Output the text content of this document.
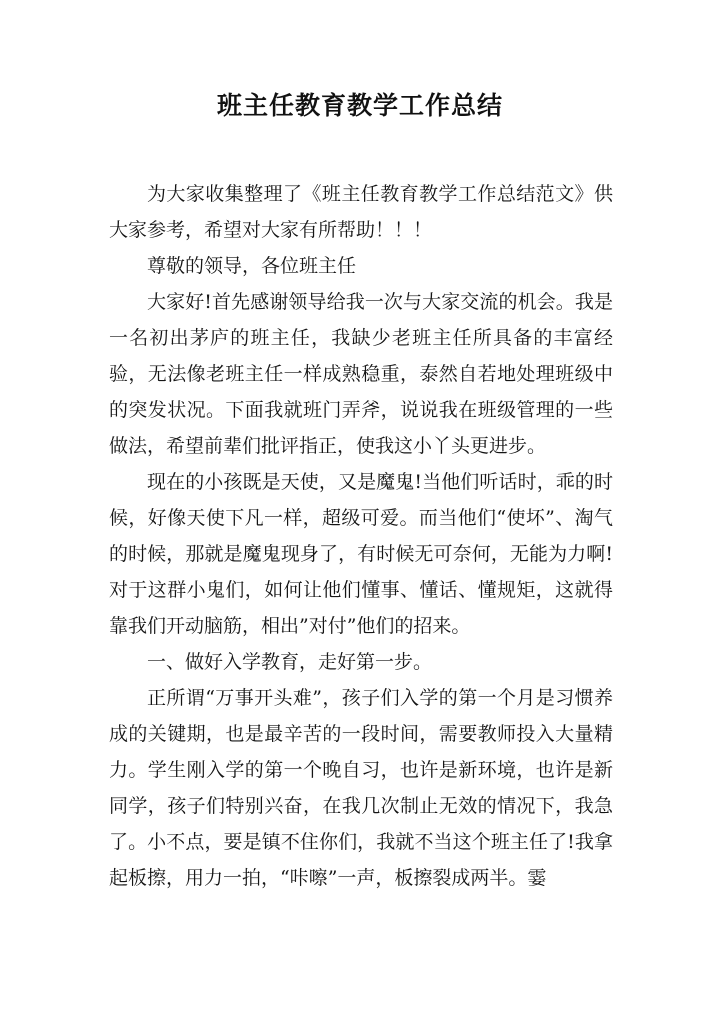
班主任教育教学工作总结

为大家收集整理了《班主任教育教学工作总结范文》供大家参考，希望对大家有所帮助！！！

尊敬的领导，各位班主任

大家好!首先感谢领导给我一次与大家交流的机会。我是一名初出茅庐的班主任，我缺少老班主任所具备的丰富经验，无法像老班主任一样成熟稳重，泰然自若地处理班级中的突发状况。下面我就班门弄斧，说说我在班级管理的一些做法，希望前辈们批评指正，使我这小丫头更进步。

现在的小孩既是天使，又是魔鬼!当他们听话时，乖的时候，好像天使下凡一样，超级可爱。而当他们“使坏”、淘气的时候，那就是魔鬼现身了，有时候无可奈何，无能为力啊!对于这群小鬼们，如何让他们懂事、懂话、懂规矩，这就得靠我们开动脑筋，相出”对付”他们的招来。

一、做好入学教育，走好第一步。

正所谓“万事开头难”，孩子们入学的第一个月是习惯养成的关键期，也是最辛苦的一段时间，需要教师投入大量精力。学生刚入学的第一个晚自习，也许是新环境，也许是新同学，孩子们特别兴奋，在我几次制止无效的情况下，我急了。小不点，要是镇不住你们，我就不当这个班主任了!我拿起板擦，用力一拍，“咔嚓”一声，板擦裂成两半。霎
